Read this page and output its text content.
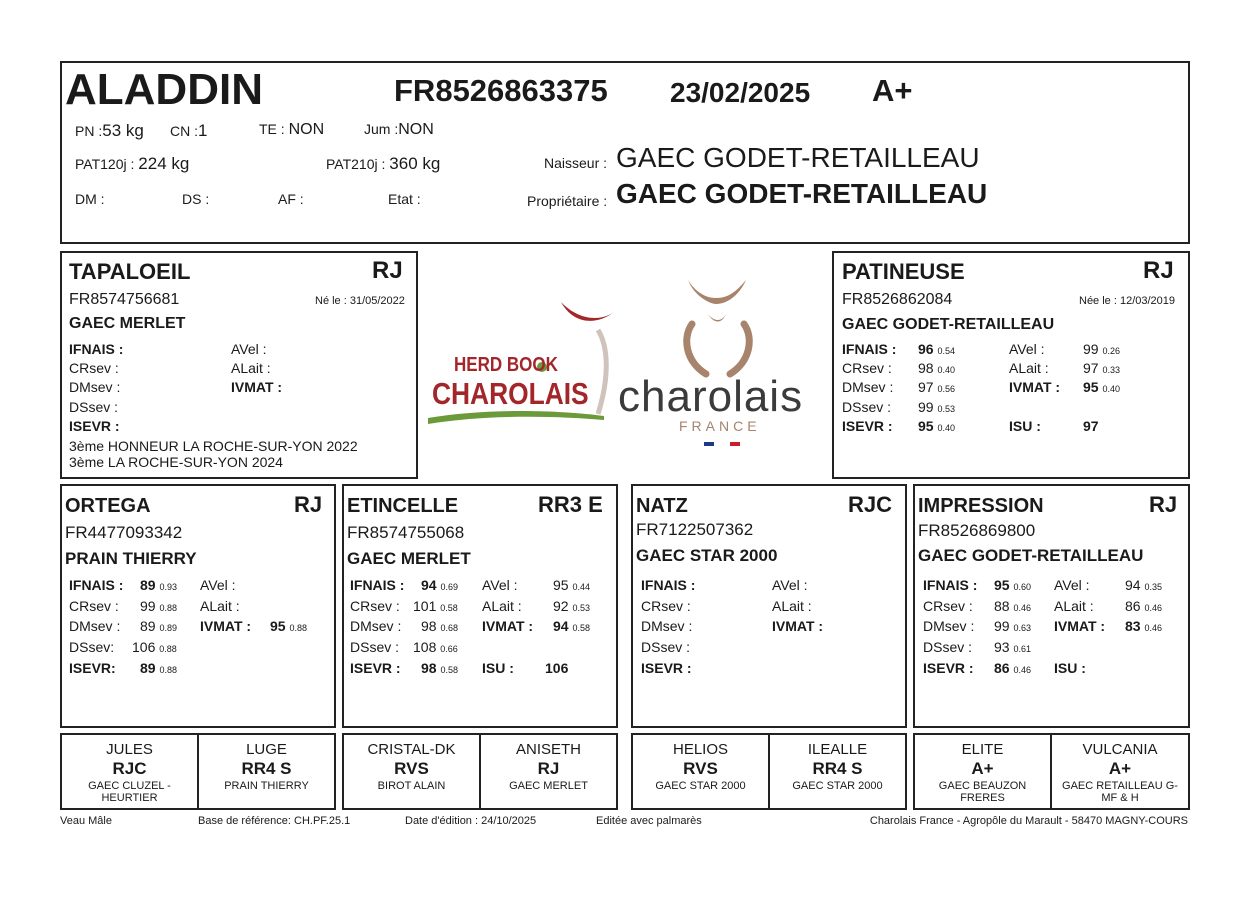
ALADDIN	FR8526863375 23/02/2025 A+
PN :53 kg CN :1	TE : NON	Jum :NON
PAT120j : 224 kg	PAT210j : 360 kg
DM :	DS :	AF :	Etat :
Naisseur : GAEC GODET-RETAILLEAU
Propriétaire : GAEC GODET-RETAILLEAU
TAPALOEIL	RJ
FR8574756681	Né le : 31/05/2022
GAEC MERLET
IFNAIS :
CRsev :
DMsev :
DSsev :
ISEVR :
AVel :
ALait :
IVMAT :
3ème HONNEUR LA ROCHE-SUR-YON 2022
3ème LA ROCHE-SUR-YON 2024
HERD BOOK
CHAROLAIS charolais
FRANCE
PATINEUSE	RJ
FR8526862084	Née le : 12/03/2019
GAEC GODET-RETAILLEAU
IFNAIS : 96 0.54
CRsev : 98 0.40
DMsev : 97 0.56
DSsev : 99 0.53
ISEVR : 95 0.40
AVel :	99 0.26
ALait : 97 0.33
IVMAT : 95 0.40
ISU :	97
ORTEGA	RJ
FR4477093342
PRAIN THIERRY
IFNAIS : 89 0.93
CRsev : 99 0.88
DMsev : 89 0.89
DSsev: 106 0.88
ISEVR: 89 0.88
AVel :
ALait :
IVMAT : 95 0.88
ETINCELLE	RR3 E
FR8574755068
GAEC MERLET
IFNAIS : 94 0.69
CRsev : 101 0.58
DMsev : 98 0.68
DSsev : 108 0.66
ISEVR : 98 0.58
AVel :	95 0.44
ALait : 92 0.53
IVMAT : 94 0.58
ISU : 106
NATZ	RJC
FR7122507362
GAEC STAR 2000
IFNAIS :
CRsev :
DMsev :
DSsev :
ISEVR :
AVel :
ALait :
IVMAT :
IMPRESSION	RJ
FR8526869800
GAEC GODET-RETAILLEAU
IFNAIS : 95 0.60
CRsev : 88 0.46
DMsev : 99 0.63
DSsev : 93 0.61
ISEVR : 86 0.46
AVel :	94 0.35
ALait : 86 0.46
IVMAT : 83 0.46
ISU :
JULES
RJC
GAEC CLUZEL - HEURTIER
LUGE
RR4 S
PRAIN THIERRY
CRISTAL-DK
RVS
BIROT ALAIN
ANISETH
RJ
GAEC MERLET
HELIOS
RVS
GAEC STAR 2000
ILEALLE
RR4 S
GAEC STAR 2000
ELITE
A+
GAEC BEAUZON FRERES
VULCANIA
A+
GAEC RETAILLEAU G-MF & H
Veau Mâle	Base de référence: CH.PF.25.1	Date d'édition : 24/10/2025	Editée avec palmarès	Charolais France - Agropôle du Marault - 58470 MAGNY-COURS
